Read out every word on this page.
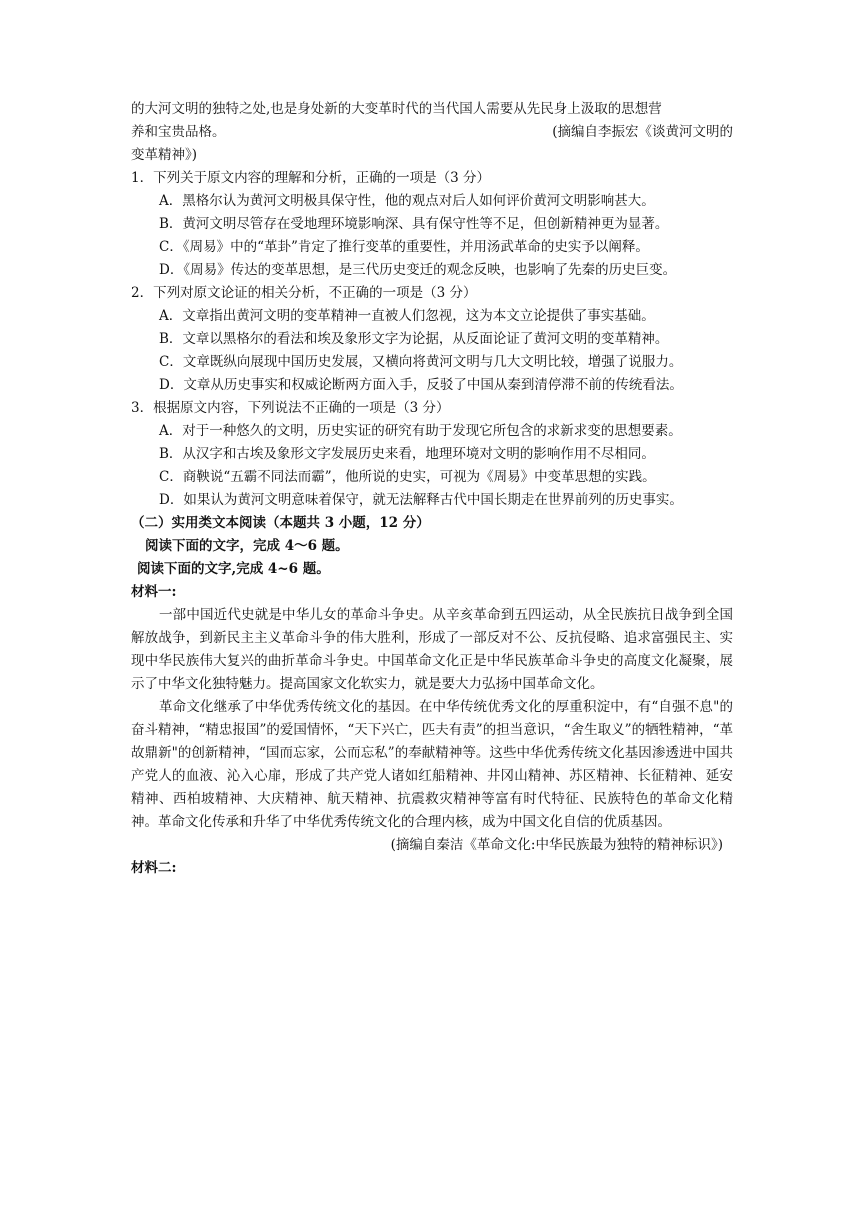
的大河文明的独特之处,也是身处新的大变革时代的当代国人需要从先民身上汲取的思想营

养和宝贵品格。	(摘编自李振宏《谈黄河文明的

变革精神》)

1．下列关于原文内容的理解和分析，正确的一项是（3 分）

A．黑格尔认为黄河文明极具保守性，他的观点对后人如何评价黄河文明影响甚大。

B．黄河文明尽管存在受地理环境影响深、具有保守性等不足，但创新精神更为显著。

C．《周易》中的“革卦”肯定了推行变革的重要性，并用汤武革命的史实予以阐释。

D．《周易》传达的变革思想，是三代历史变迁的观念反映，也影响了先秦的历史巨变。

2．下列对原文论证的相关分析，不正确的一项是（3 分）

A．文章指出黄河文明的变革精神一直被人们忽视，这为本文立论提供了事实基础。

B．文章以黑格尔的看法和埃及象形文字为论据，从反面论证了黄河文明的变革精神。

C．文章既纵向展现中国历史发展，又横向将黄河文明与几大文明比较，增强了说服力。

D．文章从历史事实和权威论断两方面入手，反驳了中国从秦到清停滞不前的传统看法。

3．根据原文内容，下列说法不正确的一项是（3 分）

A．对于一种悠久的文明，历史实证的研究有助于发现它所包含的求新求变的思想要素。

B．从汉字和古埃及象形文字发展历史来看，地理环境对文明的影响作用不尽相同。

C．商鞅说“五霸不同法而霸”，他所说的史实，可视为《周易》中变革思想的实践。

D．如果认为黄河文明意味着保守，就无法解释古代中国长期走在世界前列的历史事实。

（二）实用类文本阅读（本题共 3 小题，12 分）

阅读下面的文字，完成 4～6 题。

阅读下面的文字,完成 4~6 题。

材料一:

一部中国近代史就是中华儿女的革命斗争史。从辛亥革命到五四运动，从全民族抗日战争到全国解放战争，到新民主主义革命斗争的伟大胜利，形成了一部反对不公、反抗侵略、追求富强民主、实现中华民族伟大复兴的曲折革命斗争史。中国革命文化正是中华民族革命斗争史的高度文化凝聚，展示了中华文化独特魅力。提高国家文化软实力，就是要大力弘扬中国革命文化。

革命文化继承了中华优秀传统文化的基因。在中华传统优秀文化的厚重积淀中，有“自强不息"的奋斗精神，“精忠报国”的爱国情怀，“天下兴亡，匹夫有责”的担当意识，“舍生取义”的牺牲精神，“革故鼎新"的创新精神，“国而忘家，公而忘私”的奉献精神等。这些中华优秀传统文化基因渗透进中国共产党人的血液、沁入心扉，形成了共产党人诸如红船精神、井冈山精神、苏区精神、长征精神、延安精神、西柏坡精神、大庆精神、航天精神、抗震救灾精神等富有时代特征、民族特色的革命文化精神。革命文化传承和升华了中华优秀传统文化的合理内核，成为中国文化自信的优质基因。

(摘编自秦洁《革命文化:中华民族最为独特的精神标识》)

材料二:
